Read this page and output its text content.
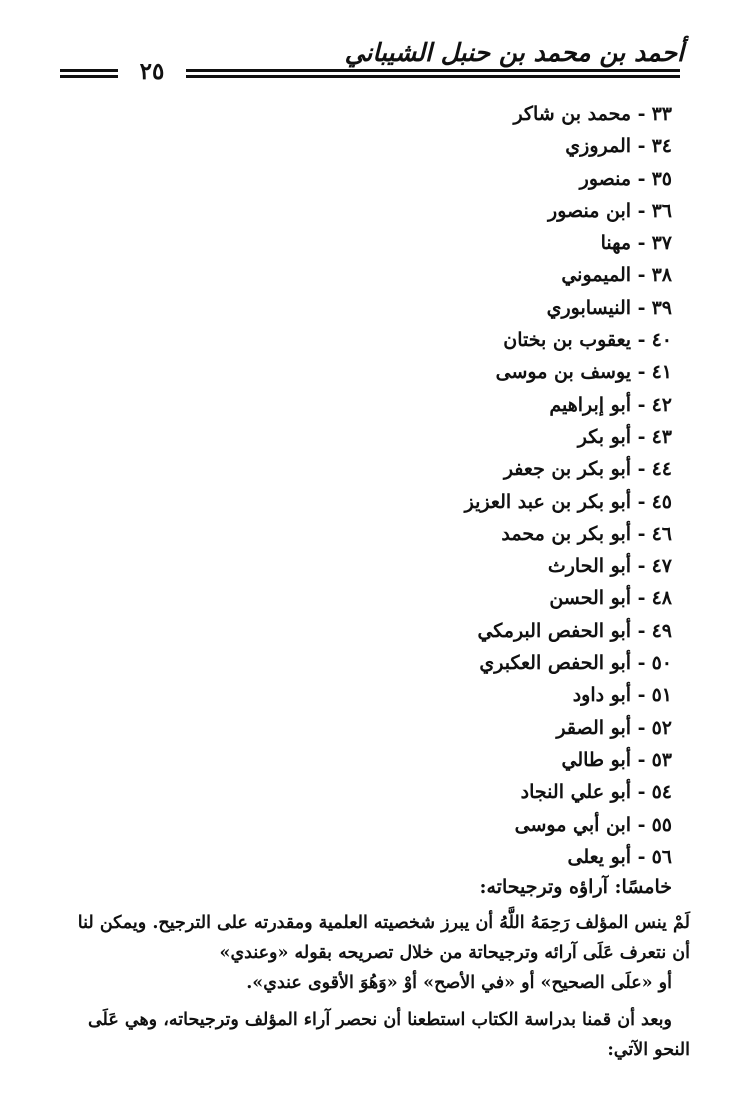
أحمد بن محمد بن حنبل الشيباني
٢٥
٣٣- محمد بن شاكر
٣٤- المروزي
٣٥- منصور
٣٦- ابن منصور
٣٧- مهنا
٣٨- الميموني
٣٩- النيسابوري
٤٠- يعقوب بن بختان
٤١- يوسف بن موسى
٤٢- أبو إبراهيم
٤٣- أبو بكر
٤٤- أبو بكر بن جعفر
٤٥- أبو بكر بن عبد العزيز
٤٦- أبو بكر بن محمد
٤٧- أبو الحارث
٤٨- أبو الحسن
٤٩- أبو الحفص البرمكي
٥٠- أبو الحفص العكبري
٥١- أبو داود
٥٢- أبو الصقر
٥٣- أبو طالي
٥٤- أبو علي النجاد
٥٥- ابن أبي موسى
٥٦- أبو يعلى
خامسًا: آراؤه وترجيحاته:
لَمْ ينس المؤلف رَحِمَهُ اللَّهُ أن يبرز شخصيته العلمية ومقدرته على الترجيح. ويمكن لنا
أن نتعرف عَلَى آرائه وترجيحاتة من خلال تصريحه بقوله «وعندي»
أو «علَى الصحيح» أو «في الأصح» أوْ «وَهُوَ الأقوى عندي».
وبعد أن قمنا بدراسة الكتاب استطعنا أن نحصر آراء المؤلف وترجيحاته، وهي عَلَى
النحو الآتي:
